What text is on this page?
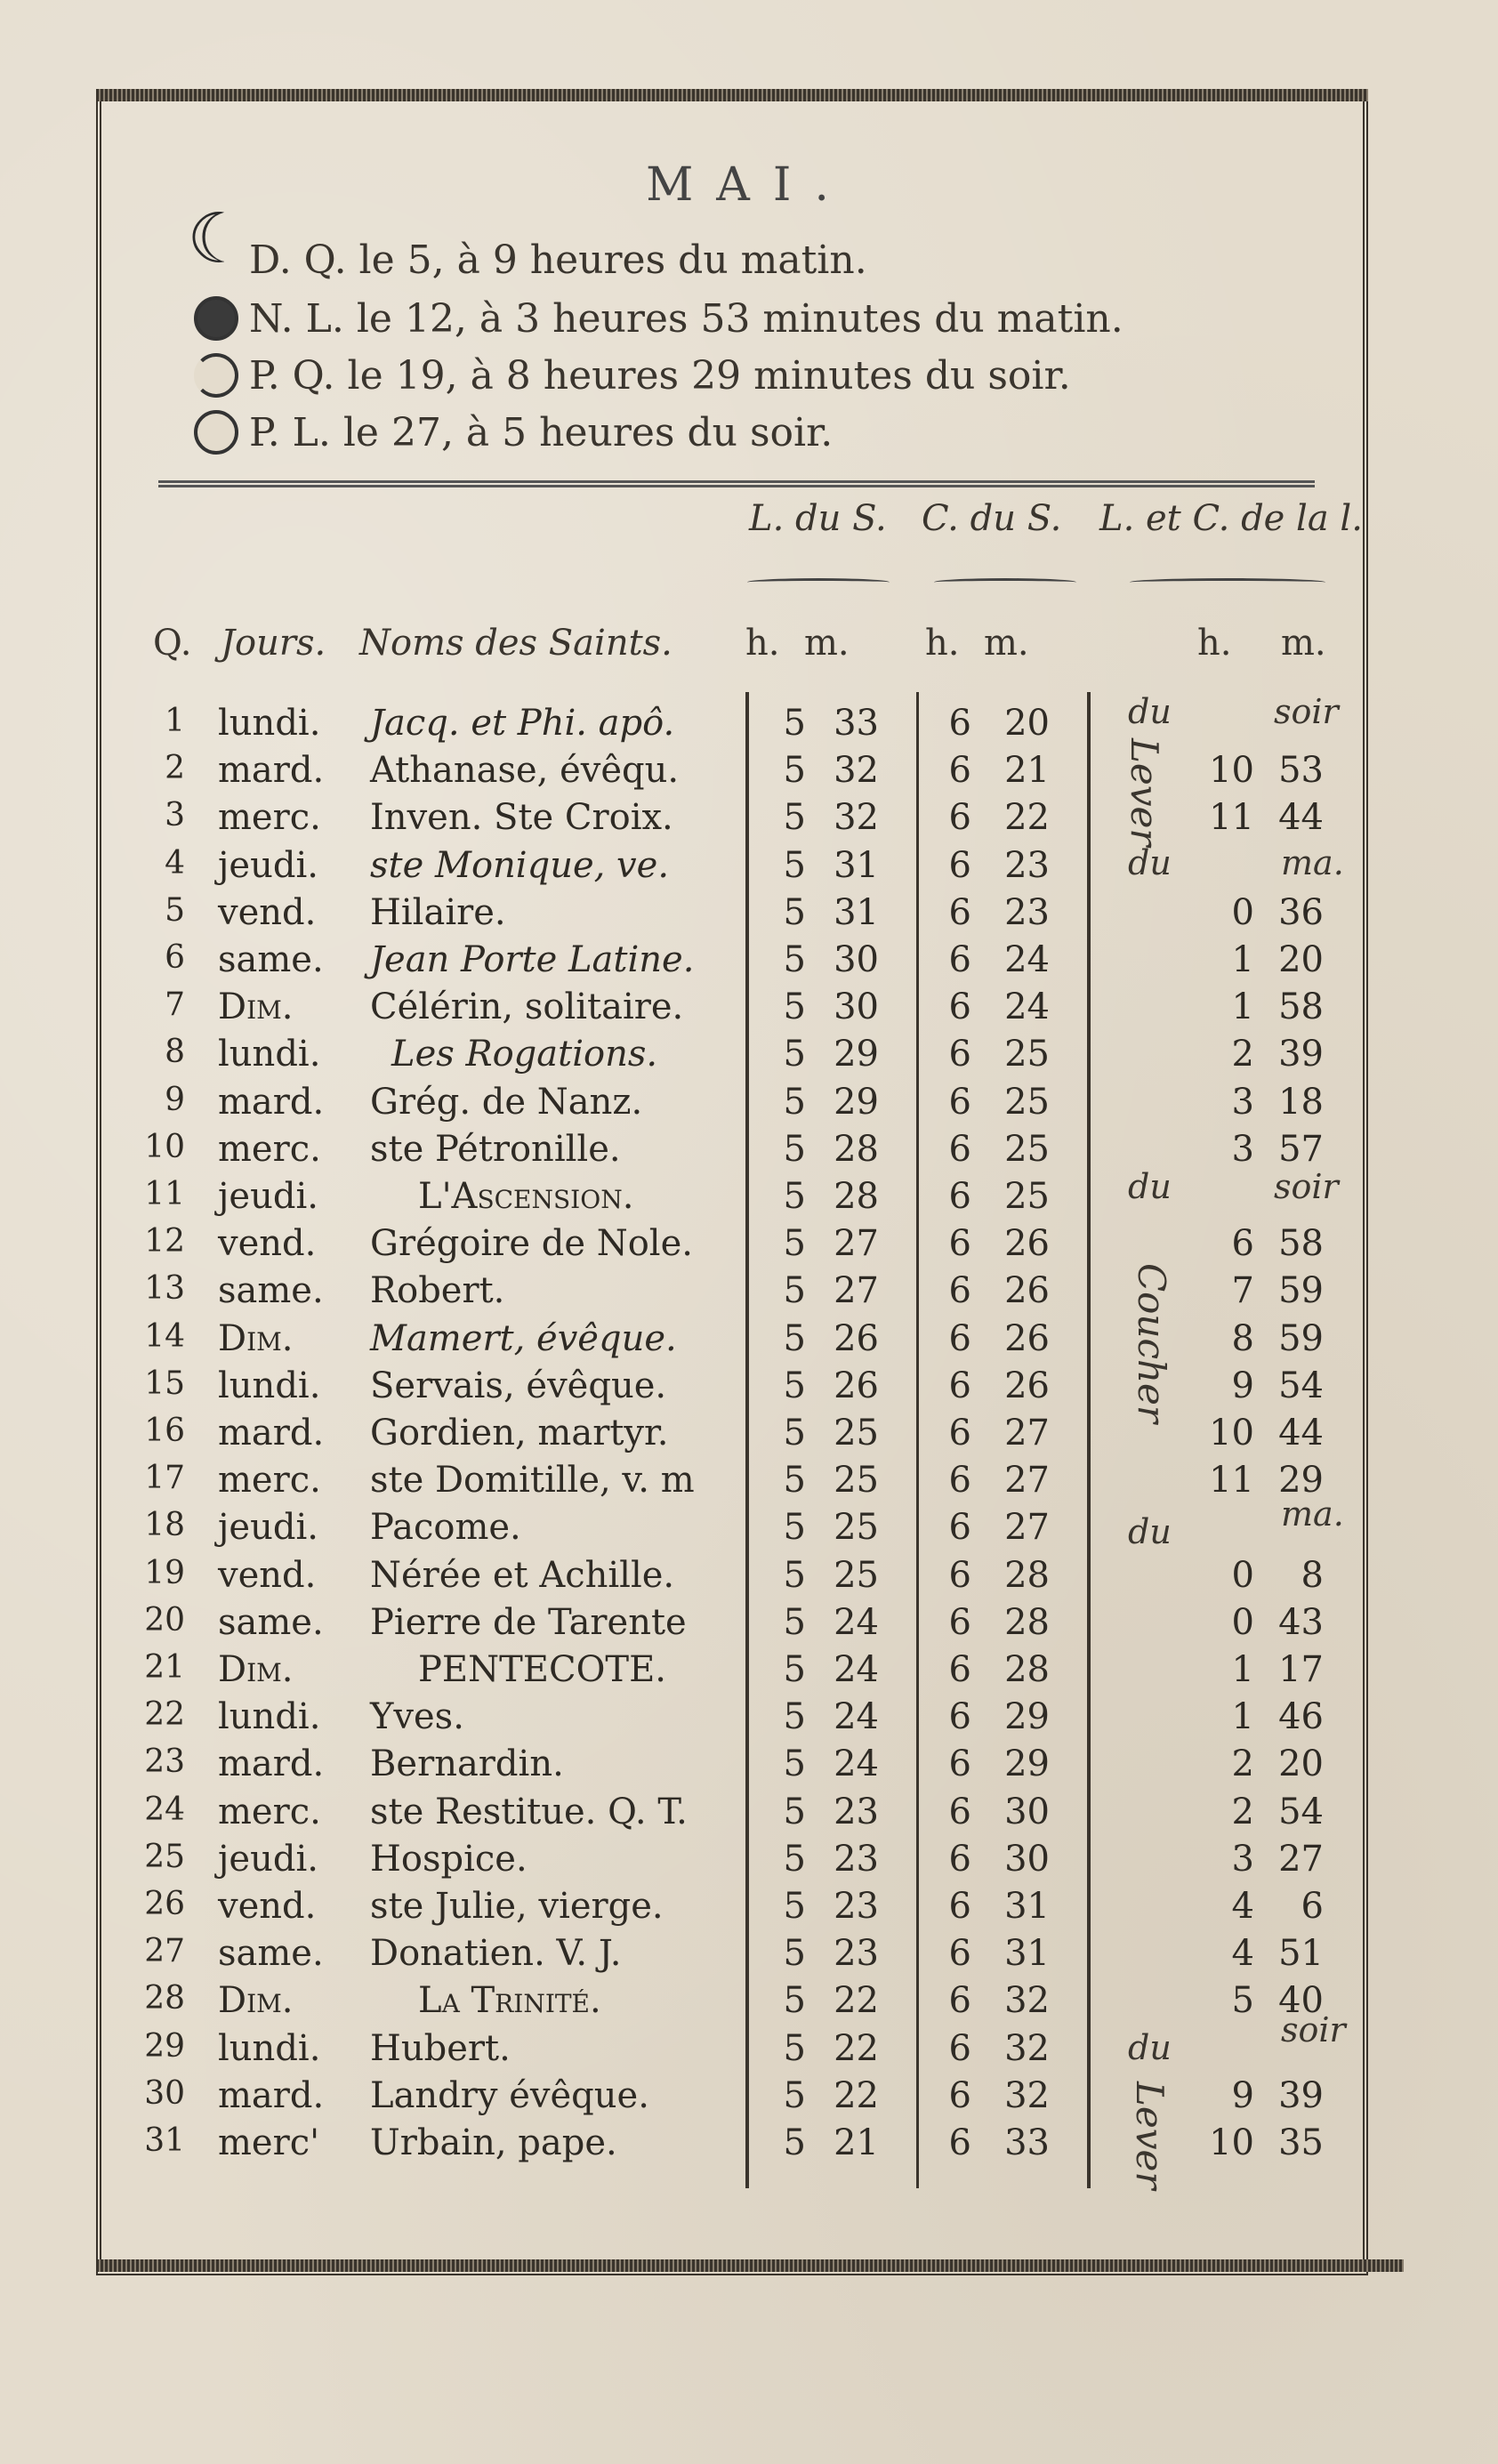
MAI.
☾ D. Q. le 5, à 9 heures du matin.
N. L. le 12, à 3 heures 53 minutes du matin.
P. Q. le 19, à 8 heures 29 minutes du soir.
P. L. le 27, à 5 heures du soir.
L. du S. C. du S. L. et C. de la l.
Q. Jours. Noms des Saints. h. m. h. m.	h. m.
1 lundi. Jacq. et Phi. apô.	5 33 6 20
2 mard. Athanase, évêqu.	5 32 6 21	10 53
3 merc. Inven. Ste Croix.	5 32 6 22	11 44
4 jeudi. ste Monique, ve.	5 31 6 23
5 vend. Hilaire.	5 31 6 23	0 36
6 same. Jean Porte Latine.	5 30 6 24	1 20
7 Dim. Célérin, solitaire.	5 30 6 24	1 58
8 lundi. Les Rogations.	5 29 6 25	2 39
9 mard. Grég. de Nanz.	5 29 6 25	3 18
10 merc. ste Pétronille.	5 28 6 25	3 57
11 jeudi.	L'Ascension.	5 28 6 25
12 vend. Grégoire de Nole.	5 27 6 26	6 58
13 same. Robert.	5 27 6 26	7 59
14 Dim. Mamert, évêque.	5 26 6 26	8 59
15 lundi. Servais, évêque.	5 26 6 26	9 54
16 mard. Gordien, martyr.	5 25 6 27	10 44
17 merc. ste Domitille, v. m 5 25 6 27	11 29
18 jeudi. Pacome.	5 25 6 27
19 vend. Nérée et Achille.	5 25 6 28	0	8
20 same. Pierre de Tarente	5 24 6 28	0 43
21 Dim.	PENTECOTE.	5 24 6 28	1 17
22 lundi. Yves.	5 24 6 29	1 46
23 mard. Bernardin.	5 24 6 29	2 20
24 merc. ste Restitue. Q. T.	5 23 6 30	2 54
25 jeudi. Hospice.	5 23 6 30	3 27
26 vend. ste Julie, vierge.	5 23 6 31	4	6
27 same. Donatien. V. J.	5 23 6 31	4 51
28 Dim.	La Trinité.	5 22 6 32	5 40
29 lundi. Hubert.	5 22 6 32
30 mard. Landry évêque.	5 22 6 32	9 39
31 merc' Urbain, pape.	5 21 6 33	10 35
du	soir
Lever
du	ma.
du	soir
Coucher
du	ma.
du	soir
Lever
